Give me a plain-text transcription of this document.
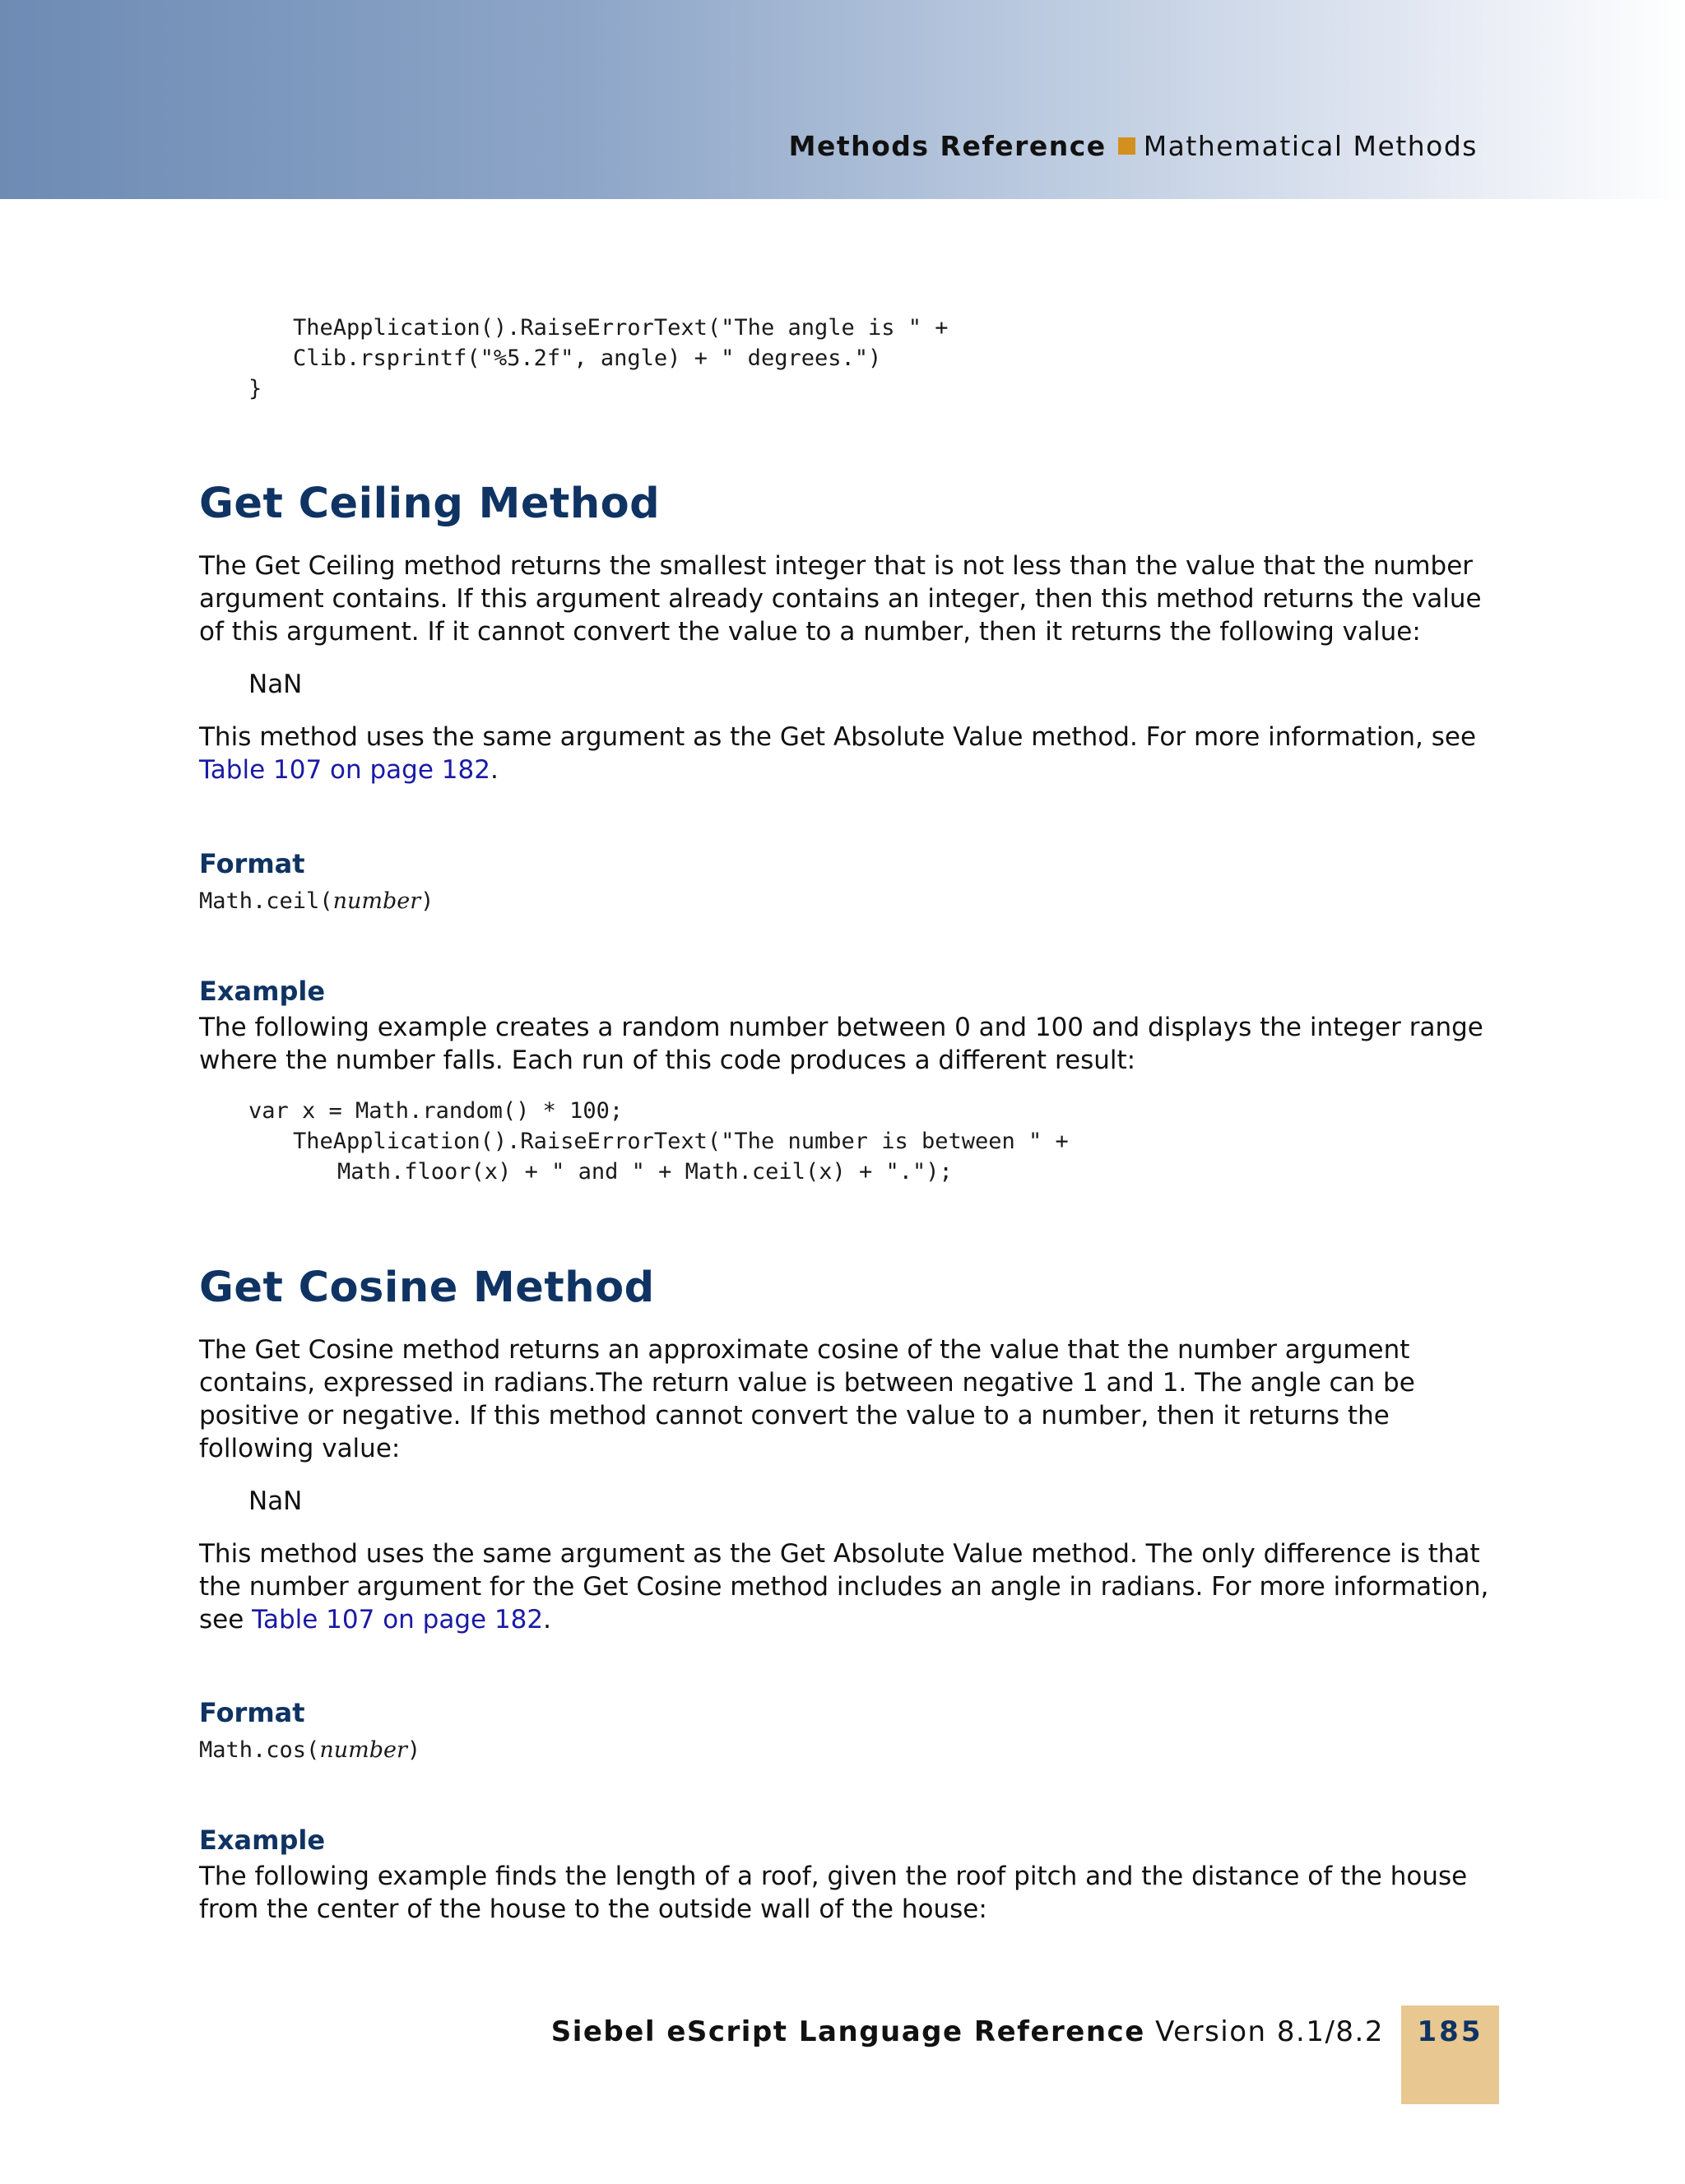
Methods Reference Mathematical Methods
TheApplication().RaiseErrorText("The angle is " +
Clib.rsprintf("%5.2f", angle) + " degrees.")
}
Get Ceiling Method

The Get Ceiling method returns the smallest integer that is not less than the value that the number argument contains. If this argument already contains an integer, then this method returns the value of this argument. If it cannot convert the value to a number, then it returns the following value:

NaN

This method uses the same argument as the Get Absolute Value method. For more information, see Table 107 on page 182.

Format
Math.ceil(number)
Example

The following example creates a random number between 0 and 100 and displays the integer range where the number falls. Each run of this code produces a different result:

var x = Math.random() * 100;
TheApplication().RaiseErrorText("The number is between " +
Math.floor(x) + " and " + Math.ceil(x) + ".");
Get Cosine Method

The Get Cosine method returns an approximate cosine of the value that the number argument contains, expressed in radians.The return value is between negative 1 and 1. The angle can be positive or negative. If this method cannot convert the value to a number, then it returns the following value:

NaN

This method uses the same argument as the Get Absolute Value method. The only difference is that the number argument for the Get Cosine method includes an angle in radians. For more information, see Table 107 on page 182.

Format
Math.cos(number)
Example

The following example finds the length of a roof, given the roof pitch and the distance of the house from the center of the house to the outside wall of the house:

Siebel eScript Language Reference Version 8.1/8.2	185
